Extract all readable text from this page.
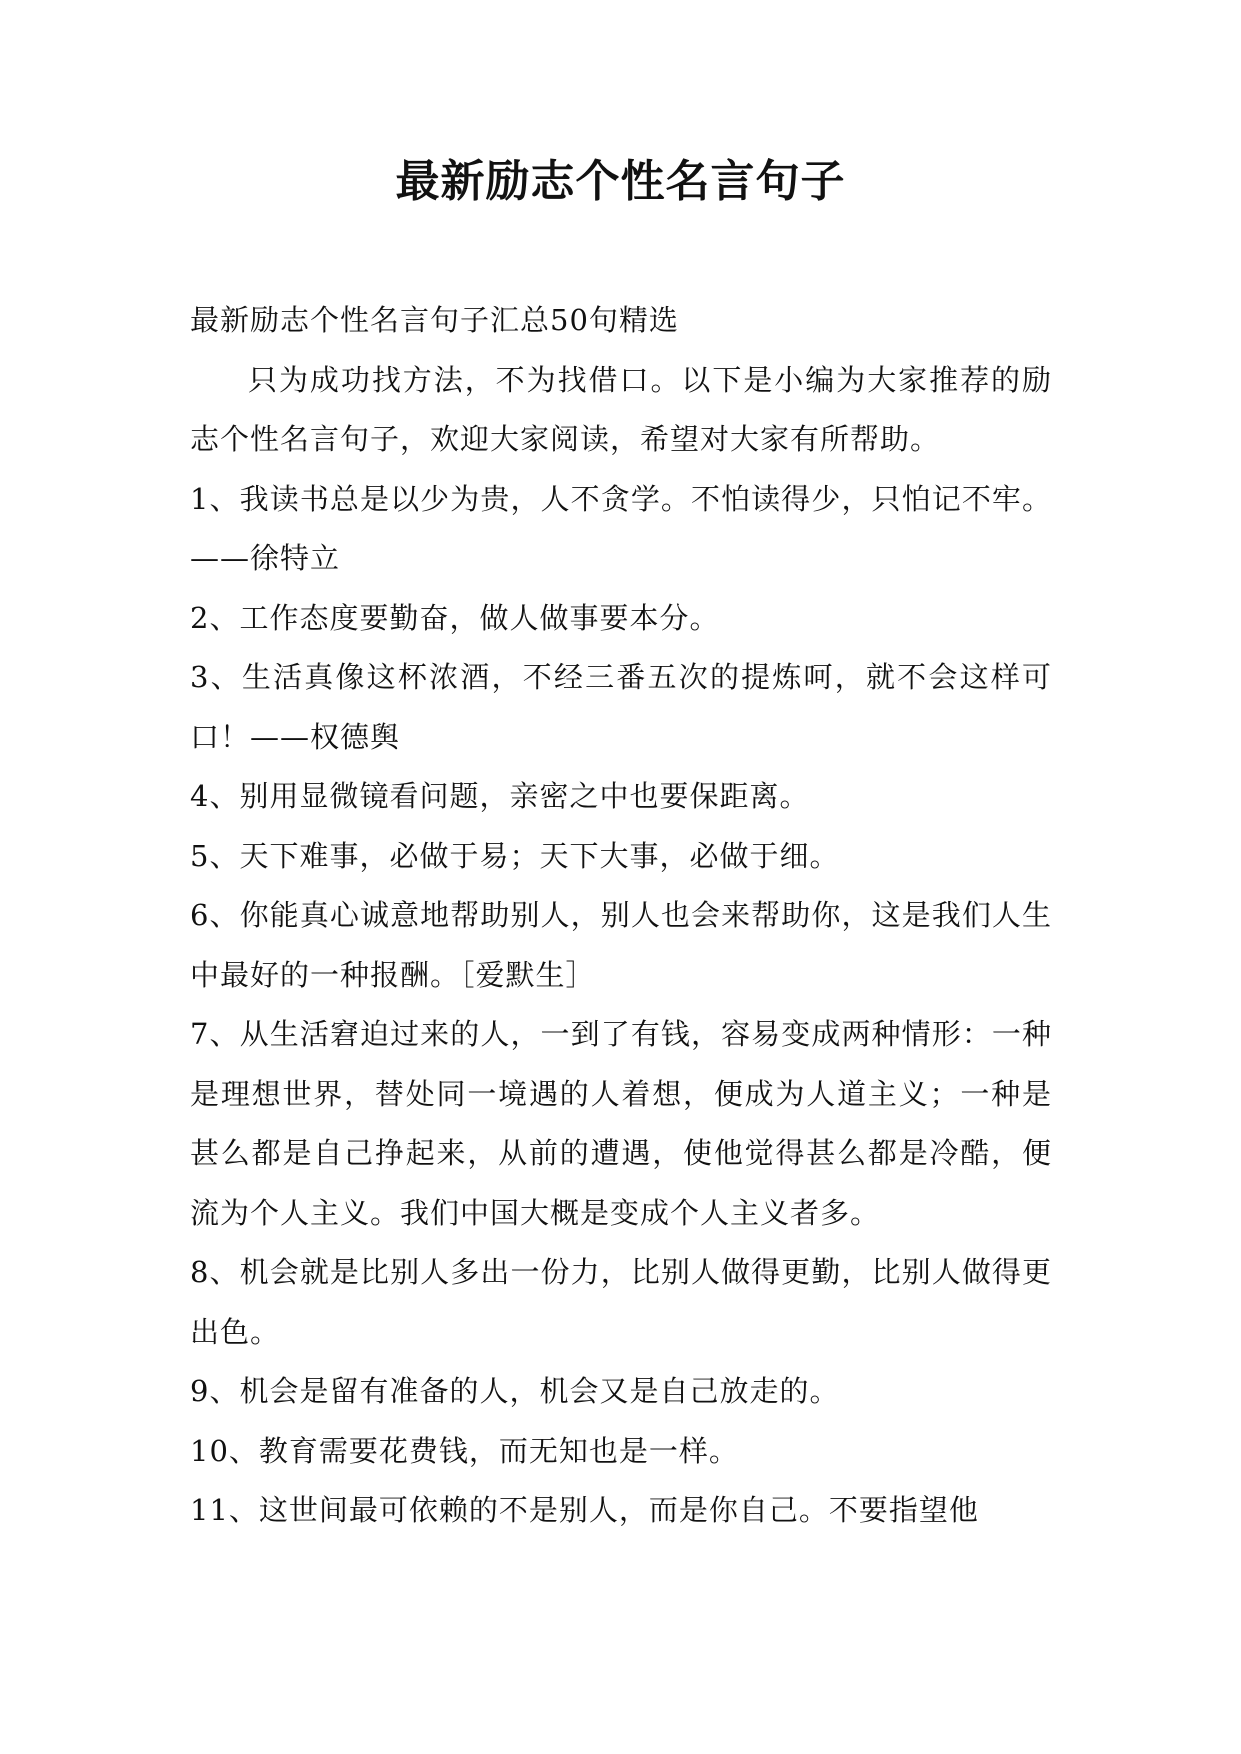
最新励志个性名言句子

最新励志个性名言句子汇总50句精选

只为成功找方法，不为找借口。以下是小编为大家推荐的励志个性名言句子，欢迎大家阅读，希望对大家有所帮助。

1、我读书总是以少为贵，人不贪学。不怕读得少，只怕记不牢。——徐特立

2、工作态度要勤奋，做人做事要本分。

3、生活真像这杯浓酒，不经三番五次的提炼呵，就不会这样可口！——权德舆

4、别用显微镜看问题，亲密之中也要保距离。

5、天下难事，必做于易；天下大事，必做于细。

6、你能真心诚意地帮助别人，别人也会来帮助你，这是我们人生中最好的一种报酬。［爱默生］

7、从生活窘迫过来的人，一到了有钱，容易变成两种情形：一种是理想世界，替处同一境遇的人着想，便成为人道主义；一种是甚么都是自己挣起来，从前的遭遇，使他觉得甚么都是冷酷，便流为个人主义。我们中国大概是变成个人主义者多。

8、机会就是比别人多出一份力，比别人做得更勤，比别人做得更出色。

9、机会是留有准备的人，机会又是自己放走的。

10、教育需要花费钱，而无知也是一样。

11、这世间最可依赖的不是别人，而是你自己。不要指望他
